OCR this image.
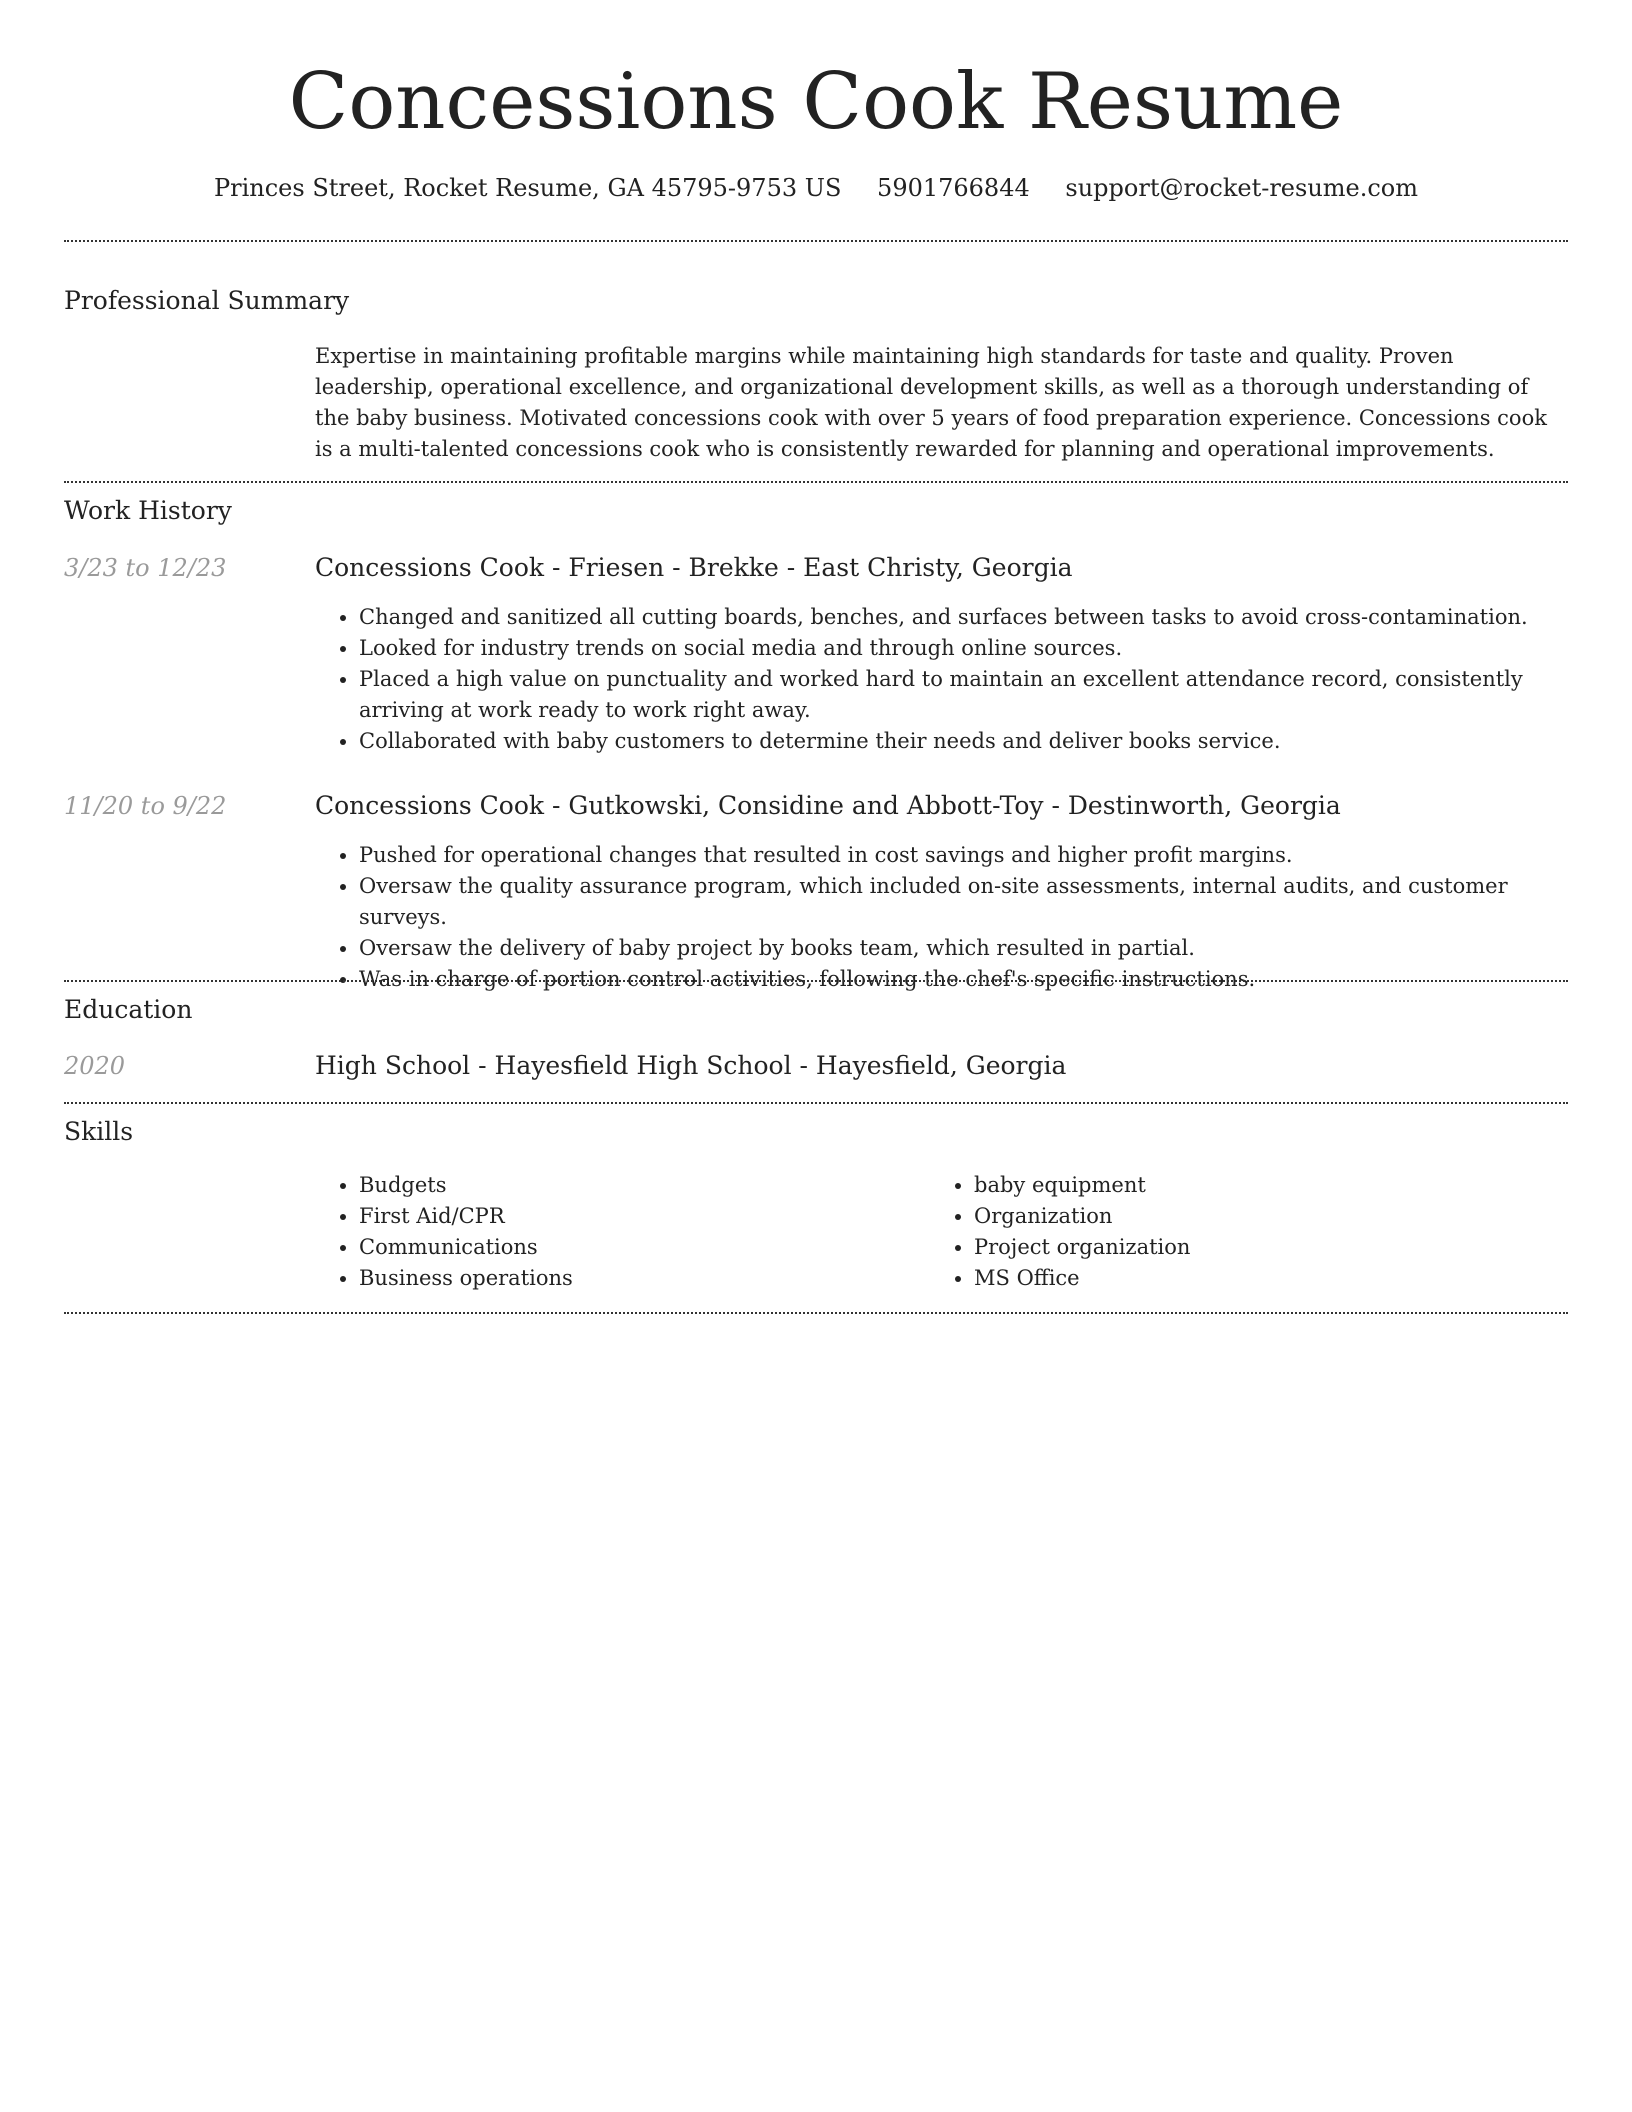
Concessions Cook Resume
Princes Street, Rocket Resume, GA 45795-9753 US 5901766844 support@rocket-resume.com
Professional Summary

Expertise in maintaining profitable margins while maintaining high standards for taste and quality. Proven leadership, operational excellence, and organizational development skills, as well as a thorough understanding of the baby business. Motivated concessions cook with over 5 years of food preparation experience. Concessions cook is a multi-talented concessions cook who is consistently rewarded for planning and operational improvements.

Work History
3/23 to 12/23	Concessions Cook - Friesen - Brekke - East Christy, Georgia
• Changed and sanitized all cutting boards, benches, and surfaces between tasks to avoid cross-contamination.
• Looked for industry trends on social media and through online sources.
• Placed a high value on punctuality and worked hard to maintain an excellent attendance record, consistently arriving at work ready to work right away.
• Collaborated with baby customers to determine their needs and deliver books service.
11/20 to 9/22	Concessions Cook - Gutkowski, Considine and Abbott-Toy - Destinworth, Georgia
• Pushed for operational changes that resulted in cost savings and higher profit margins.
• Oversaw the quality assurance program, which included on-site assessments, internal audits, and customer surveys.
• Oversaw the delivery of baby project by books team, which resulted in partial.
• Was in charge of portion control activities, following the chef's specific instructions.
Education
2020	High School - Hayesfield High School - Hayesfield, Georgia
Skills
• Budgets
• First Aid/CPR
• Communications
• Business operations
• baby equipment
• Organization
• Project organization
• MS Office
